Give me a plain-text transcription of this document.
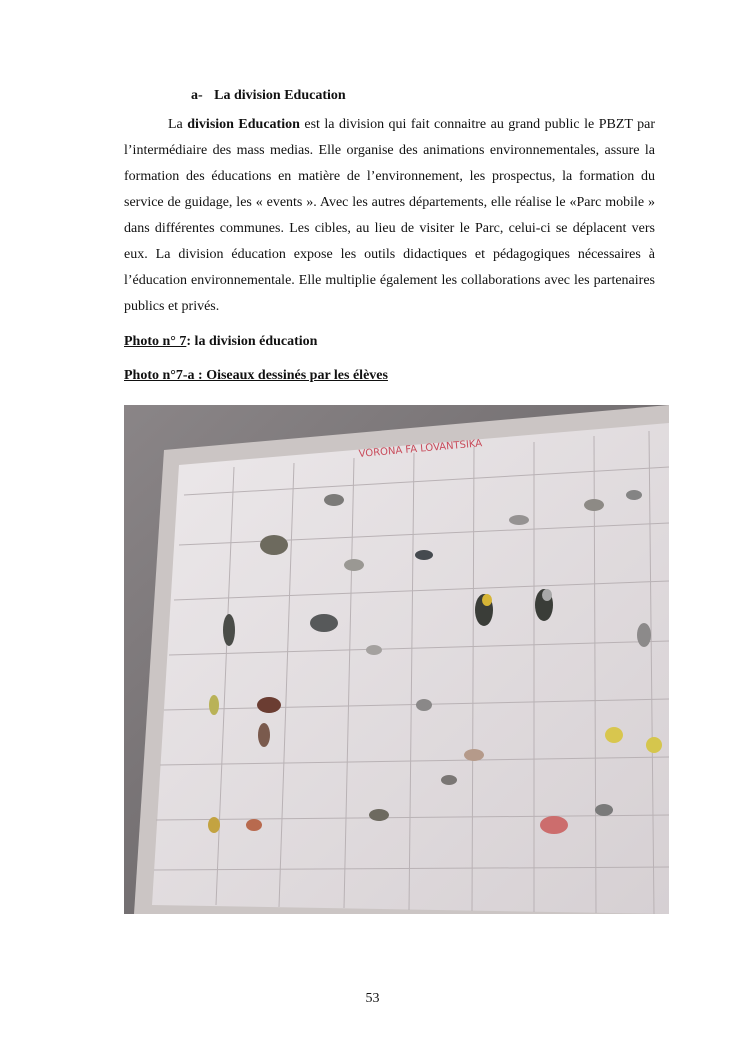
a- La division Education
La division Education est la division qui fait connaitre au grand public le PBZT par l’intermédiaire des mass medias. Elle organise des animations environnementales, assure la formation des éducations en matière de l’environnement, les prospectus, la formation du service de guidage, les « events ». Avec les autres départements, elle réalise le «Parc mobile » dans différentes communes. Les cibles, au lieu de visiter le Parc, celui-ci se déplacent vers eux. La division éducation expose les outils didactiques et pédagogiques nécessaires à l’éducation environnementale. Elle multiplie également les collaborations avec les partenaires publics et privés.
Photo n° 7: la division éducation
Photo n°7-a : Oiseaux dessinés par les élèves
VORONA FA LOVANTSIKA
53
